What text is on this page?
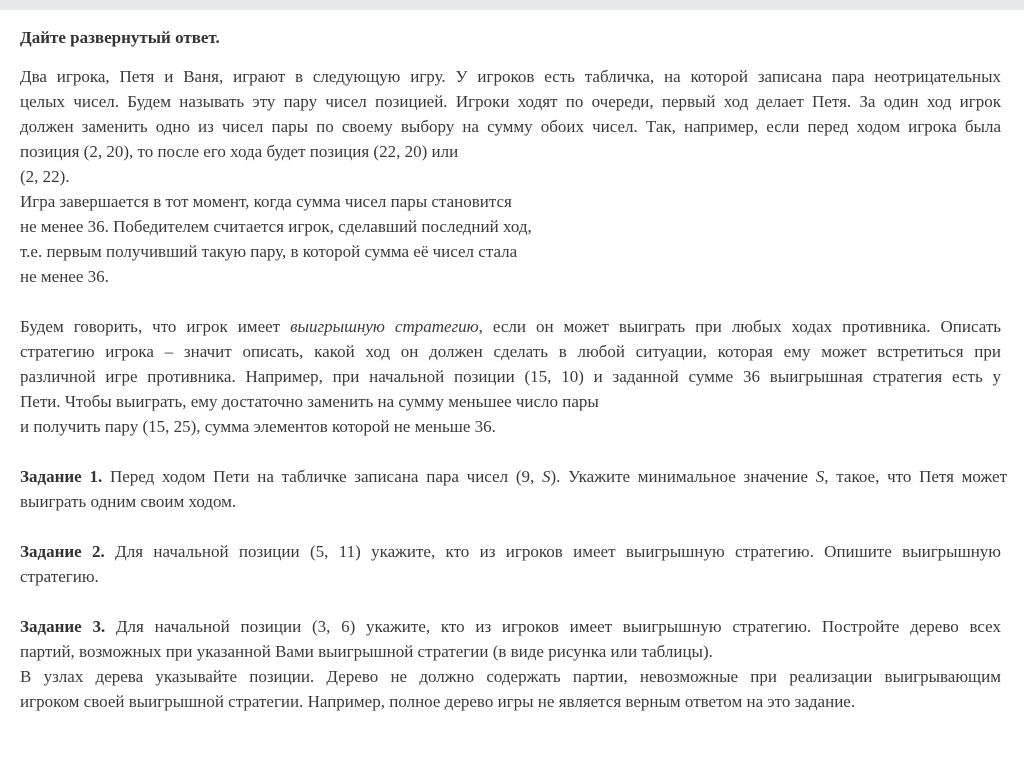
Дайте развернутый ответ.
Два игрока, Петя и Ваня, играют в следующую игру. У игроков есть табличка, на которой записана пара неотрицательных
целых чисел. Будем называть эту пару чисел позицией. Игроки ходят по очереди, первый ход делает Петя. За один ход игрок
должен заменить одно из чисел пары по своему выбору на сумму обоих чисел. Так, например, если перед ходом игрока была
позиция (2, 20), то после его хода будет позиция (22, 20) или
(2, 22).
Игра завершается в тот момент, когда сумма чисел пары становится
не менее 36. Победителем считается игрок, сделавший последний ход,
т.е. первым получивший такую пару, в которой сумма её чисел стала
не менее 36.
Будем говорить, что игрок имеет выигрышную стратегию, если он может выиграть при любых ходах противника. Описать
стратегию игрока – значит описать, какой ход он должен сделать в любой ситуации, которая ему может встретиться при
различной игре противника. Например, при начальной позиции (15, 10) и заданной сумме 36 выигрышная стратегия есть у
Пети. Чтобы выиграть, ему достаточно заменить на сумму меньшее число пары
и получить пару (15, 25), сумма элементов которой не меньше 36.
Задание 1. Перед ходом Пети на табличке записана пара чисел (9, S). Укажите минимальное значение S, такое, что Петя может
выиграть одним своим ходом.
Задание 2. Для начальной позиции (5, 11) укажите, кто из игроков имеет выигрышную стратегию. Опишите выигрышную
стратегию.
Задание 3. Для начальной позиции (3, 6) укажите, кто из игроков имеет выигрышную стратегию. Постройте дерево всех
партий, возможных при указанной Вами выигрышной стратегии (в виде рисунка или таблицы).
В узлах дерева указывайте позиции. Дерево не должно содержать партии, невозможные при реализации выигрывающим
игроком своей выигрышной стратегии. Например, полное дерево игры не является верным ответом на это задание.
